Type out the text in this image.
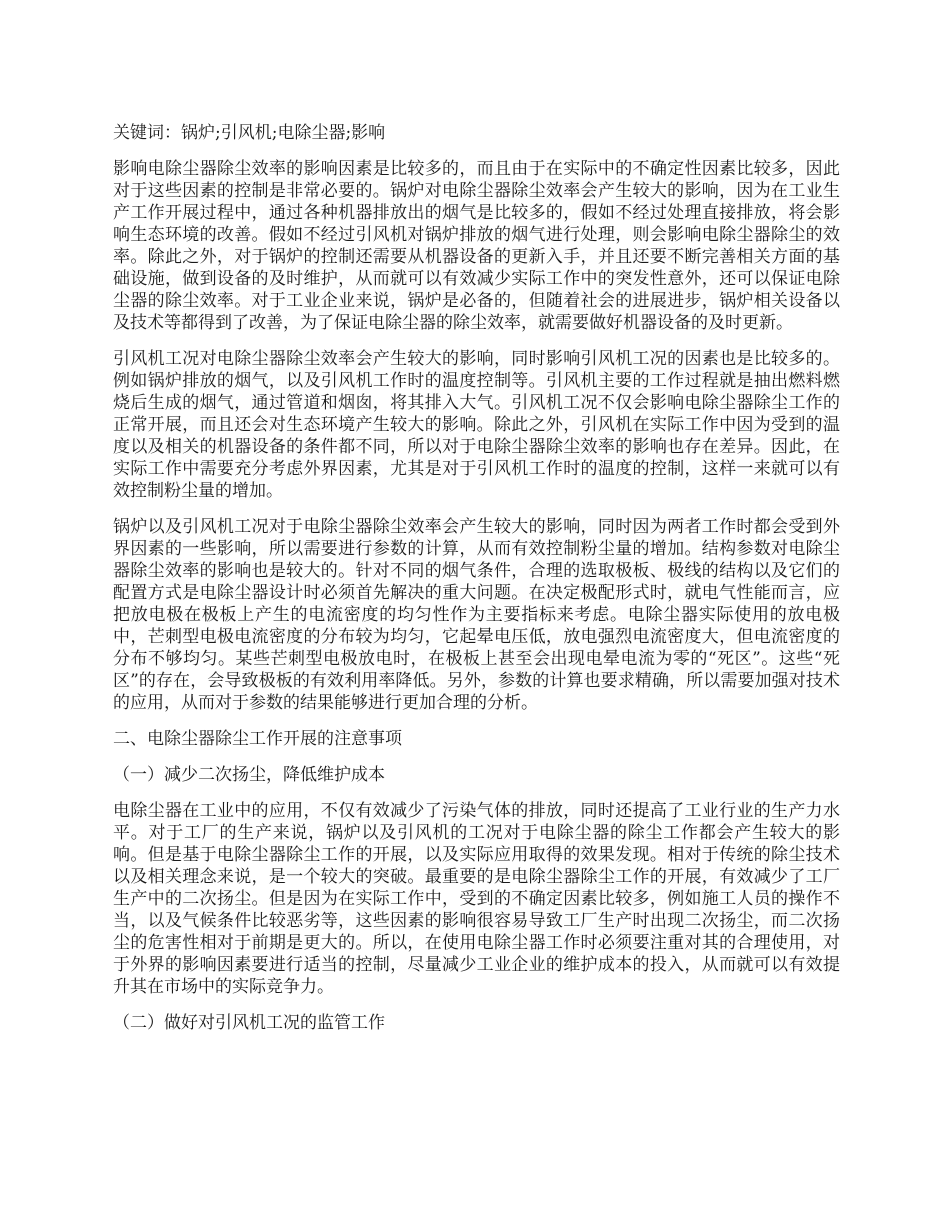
关键词：锅炉;引风机;电除尘器;影响

影响电除尘器除尘效率的影响因素是比较多的，而且由于在实际中的不确定性因素比较多，因此对于这些因素的控制是非常必要的。锅炉对电除尘器除尘效率会产生较大的影响，因为在工业生产工作开展过程中，通过各种机器排放出的烟气是比较多的，假如不经过处理直接排放，将会影响生态环境的改善。假如不经过引风机对锅炉排放的烟气进行处理，则会影响电除尘器除尘的效率。除此之外，对于锅炉的控制还需要从机器设备的更新入手，并且还要不断完善相关方面的基础设施，做到设备的及时维护，从而就可以有效减少实际工作中的突发性意外，还可以保证电除尘器的除尘效率。对于工业企业来说，锅炉是必备的，但随着社会的进展进步，锅炉相关设备以及技术等都得到了改善，为了保证电除尘器的除尘效率，就需要做好机器设备的及时更新。

引风机工况对电除尘器除尘效率会产生较大的影响，同时影响引风机工况的因素也是比较多的。例如锅炉排放的烟气，以及引风机工作时的温度控制等。引风机主要的工作过程就是抽出燃料燃烧后生成的烟气，通过管道和烟囱，将其排入大气。引风机工况不仅会影响电除尘器除尘工作的正常开展，而且还会对生态环境产生较大的影响。除此之外，引风机在实际工作中因为受到的温度以及相关的机器设备的条件都不同，所以对于电除尘器除尘效率的影响也存在差异。因此，在实际工作中需要充分考虑外界因素，尤其是对于引风机工作时的温度的控制，这样一来就可以有效控制粉尘量的增加。

锅炉以及引风机工况对于电除尘器除尘效率会产生较大的影响，同时因为两者工作时都会受到外界因素的一些影响，所以需要进行参数的计算，从而有效控制粉尘量的增加。结构参数对电除尘器除尘效率的影响也是较大的。针对不同的烟气条件，合理的选取极板、极线的结构以及它们的配置方式是电除尘器设计时必须首先解决的重大问题。在决定极配形式时，就电气性能而言，应把放电极在极板上产生的电流密度的均匀性作为主要指标来考虑。电除尘器实际使用的放电极中，芒刺型电极电流密度的分布较为均匀，它起晕电压低，放电强烈电流密度大，但电流密度的分布不够均匀。某些芒刺型电极放电时，在极板上甚至会出现电晕电流为零的“死区”。这些“死区”的存在，会导致极板的有效利用率降低。另外，参数的计算也要求精确，所以需要加强对技术的应用，从而对于参数的结果能够进行更加合理的分析。

二、电除尘器除尘工作开展的注意事项

（一）减少二次扬尘，降低维护成本

电除尘器在工业中的应用，不仅有效减少了污染气体的排放，同时还提高了工业行业的生产力水平。对于工厂的生产来说，锅炉以及引风机的工况对于电除尘器的除尘工作都会产生较大的影响。但是基于电除尘器除尘工作的开展，以及实际应用取得的效果发现。相对于传统的除尘技术以及相关理念来说，是一个较大的突破。最重要的是电除尘器除尘工作的开展，有效减少了工厂生产中的二次扬尘。但是因为在实际工作中，受到的不确定因素比较多，例如施工人员的操作不当，以及气候条件比较恶劣等，这些因素的影响很容易导致工厂生产时出现二次扬尘，而二次扬尘的危害性相对于前期是更大的。所以，在使用电除尘器工作时必须要注重对其的合理使用，对于外界的影响因素要进行适当的控制，尽量减少工业企业的维护成本的投入，从而就可以有效提升其在市场中的实际竞争力。

（二）做好对引风机工况的监管工作
